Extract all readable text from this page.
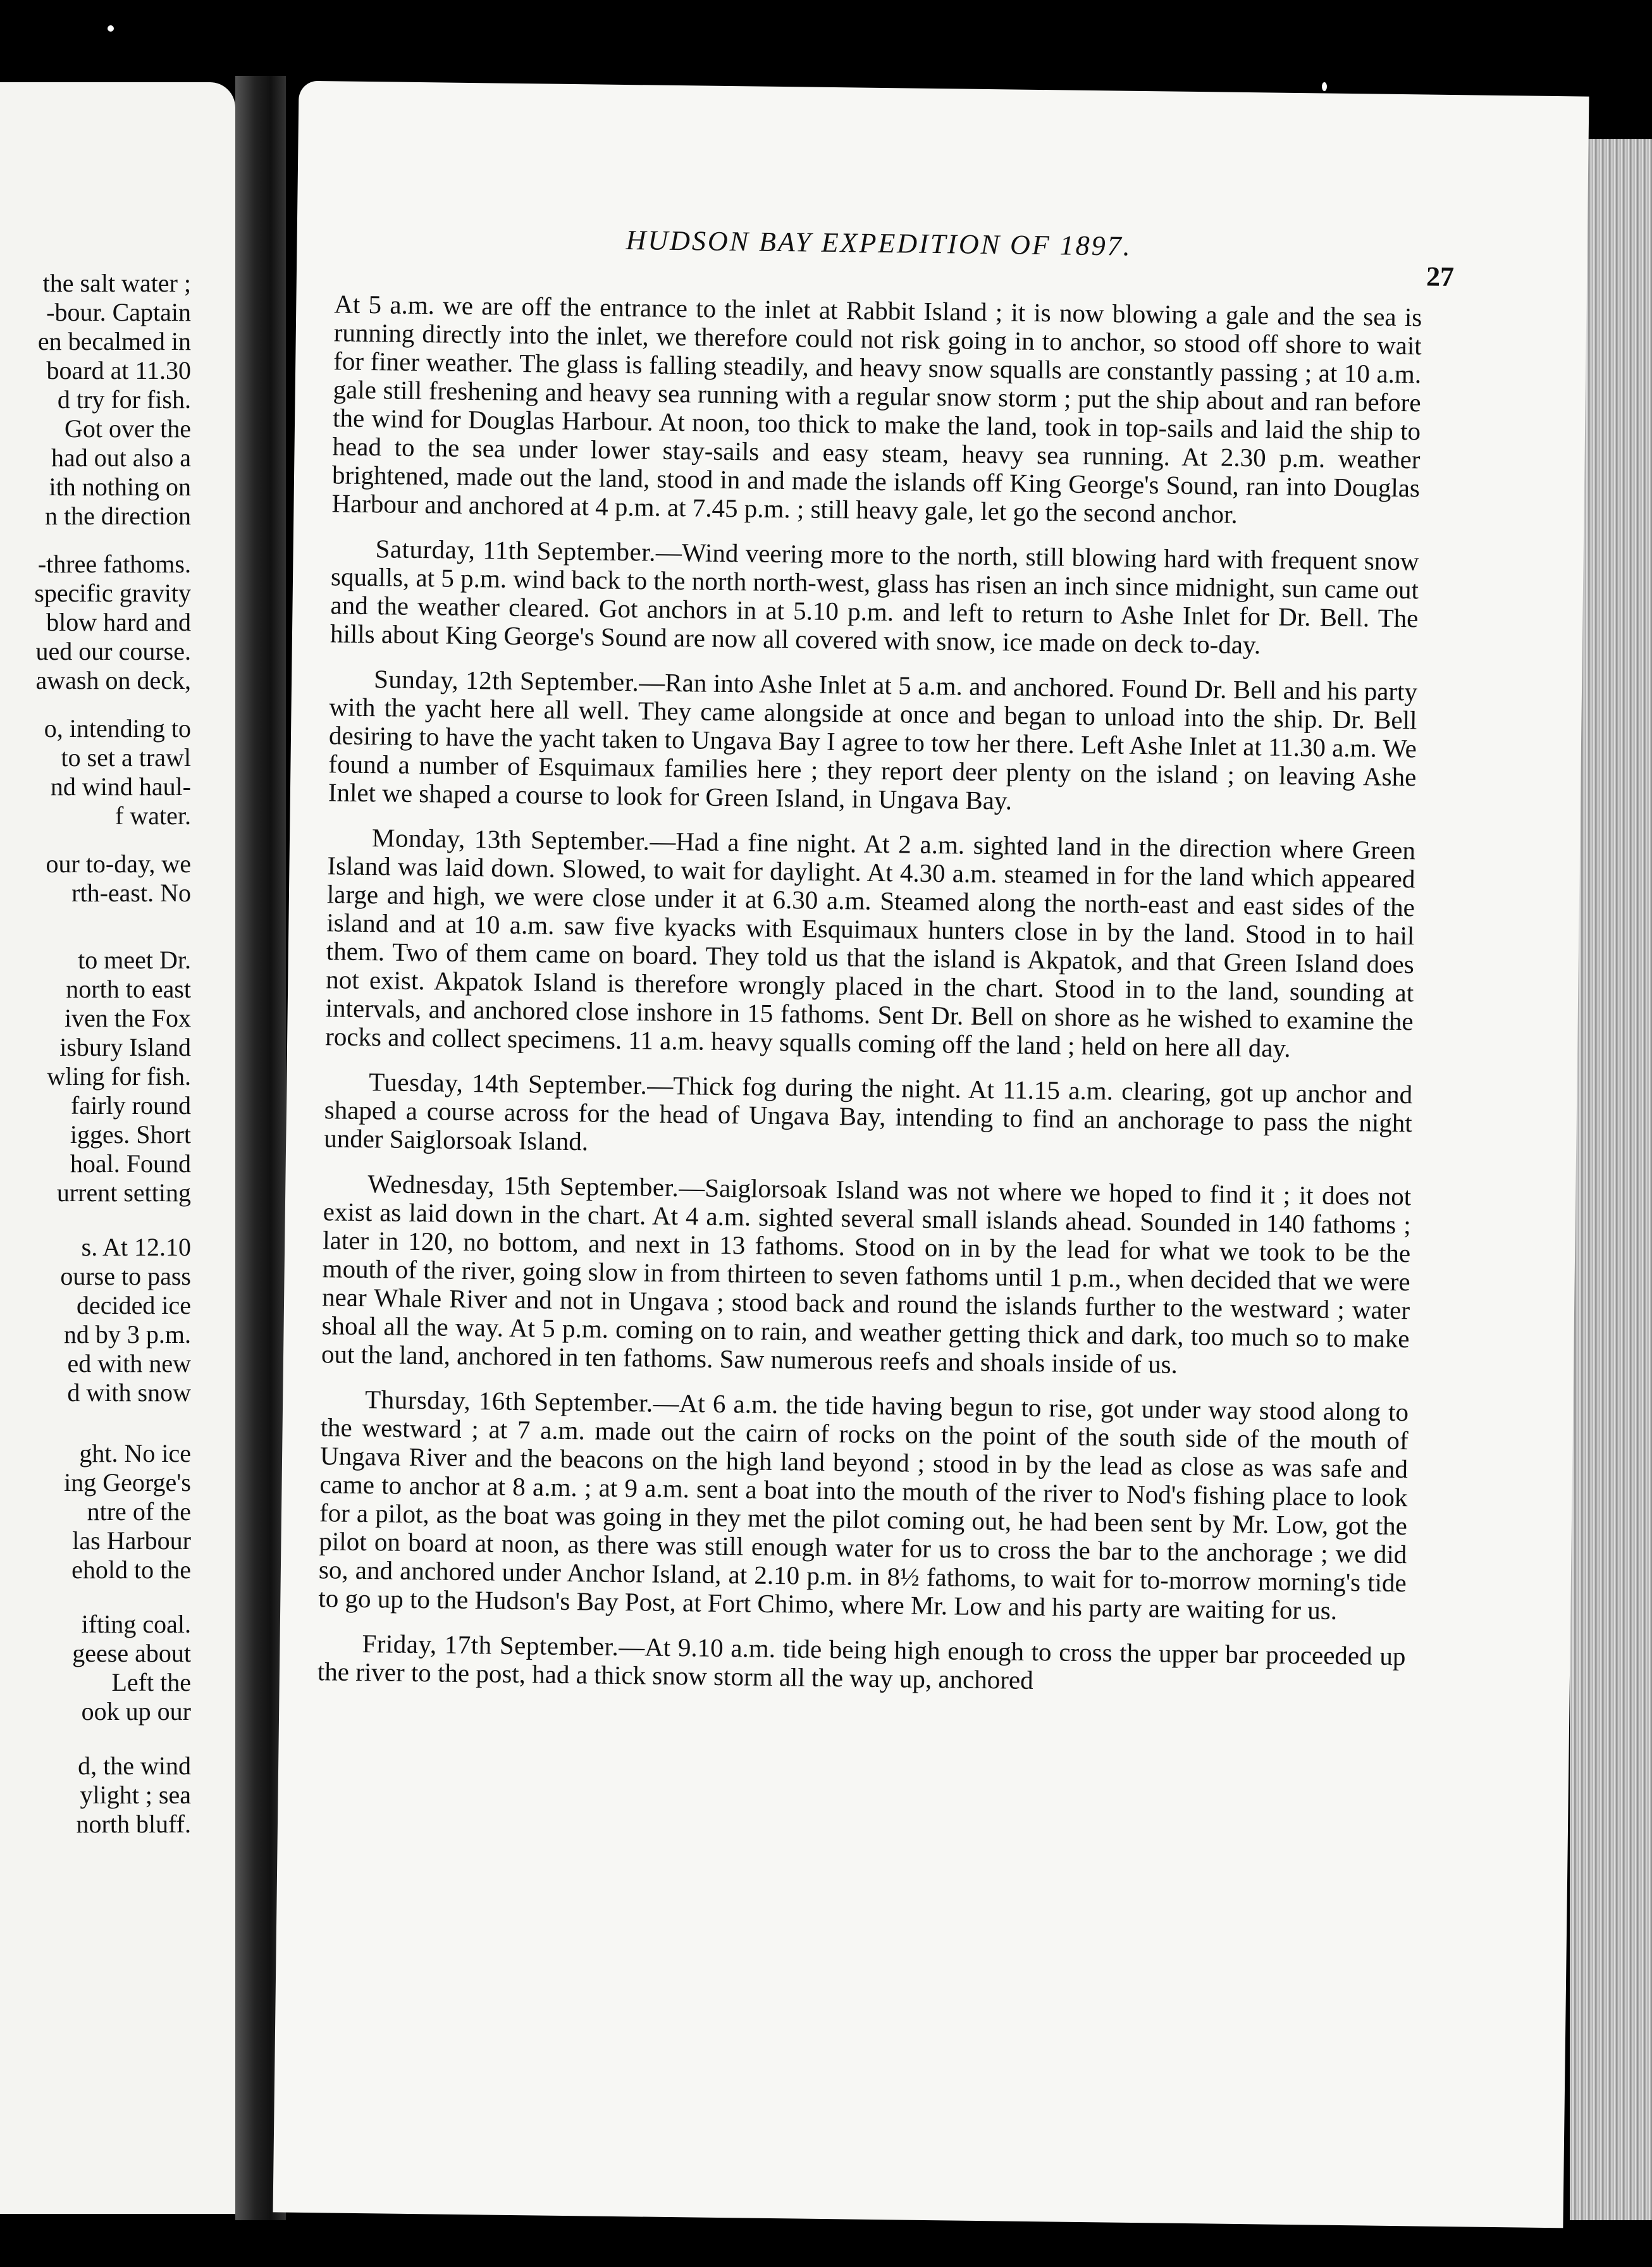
the salt water ;
-bour. Captain
en becalmed in
board at 11.30
d try for fish.
Got over the
had out also a
ith nothing on
n the direction
-three fathoms.
specific gravity
blow hard and
ued our course.
awash on deck,
o, intending to
to set a trawl
nd wind haul-
f water.
our to-day, we
rth-east. No
to meet Dr.
north to east
iven the Fox
isbury Island
wling for fish.
fairly round
igges. Short
hoal. Found
urrent setting
s. At 12.10
ourse to pass
decided ice
nd by 3 p.m.
ed with new
d with snow
ght. No ice
ing George's
ntre of the
las Harbour
ehold to the
ifting coal.
geese about
Left the
ook up our
d, the wind
ylight ; sea
north bluff.
HUDSON BAY EXPEDITION OF 1897.
27

At 5 a.m. we are off the entrance to the inlet at Rabbit Island ; it is now blowing a gale and the sea is running directly into the inlet, we therefore could not risk going in to anchor, so stood off shore to wait for finer weather. The glass is falling steadily, and heavy snow squalls are constantly passing ; at 10 a.m. gale still freshening and heavy sea running with a regular snow storm ; put the ship about and ran before the wind for Douglas Harbour. At noon, too thick to make the land, took in top-sails and laid the ship to head to the sea under lower stay-sails and easy steam, heavy sea running. At 2.30 p.m. weather brightened, made out the land, stood in and made the islands off King George's Sound, ran into Douglas Harbour and anchored at 4 p.m. at 7.45 p.m. ; still heavy gale, let go the second anchor.

Saturday, 11th September.—Wind veering more to the north, still blowing hard with frequent snow squalls, at 5 p.m. wind back to the north north-west, glass has risen an inch since midnight, sun came out and the weather cleared. Got anchors in at 5.10 p.m. and left to return to Ashe Inlet for Dr. Bell. The hills about King George's Sound are now all covered with snow, ice made on deck to-day.

Sunday, 12th September.—Ran into Ashe Inlet at 5 a.m. and anchored. Found Dr. Bell and his party with the yacht here all well. They came alongside at once and began to unload into the ship. Dr. Bell desiring to have the yacht taken to Ungava Bay I agree to tow her there. Left Ashe Inlet at 11.30 a.m. We found a number of Esquimaux families here ; they report deer plenty on the island ; on leaving Ashe Inlet we shaped a course to look for Green Island, in Ungava Bay.

Monday, 13th September.—Had a fine night. At 2 a.m. sighted land in the direction where Green Island was laid down. Slowed, to wait for daylight. At 4.30 a.m. steamed in for the land which appeared large and high, we were close under it at 6.30 a.m. Steamed along the north-east and east sides of the island and at 10 a.m. saw five kyacks with Esquimaux hunters close in by the land. Stood in to hail them. Two of them came on board. They told us that the island is Akpatok, and that Green Island does not exist. Akpatok Island is therefore wrongly placed in the chart. Stood in to the land, sounding at intervals, and anchored close inshore in 15 fathoms. Sent Dr. Bell on shore as he wished to examine the rocks and collect specimens. 11 a.m. heavy squalls coming off the land ; held on here all day.

Tuesday, 14th September.—Thick fog during the night. At 11.15 a.m. clearing, got up anchor and shaped a course across for the head of Ungava Bay, intending to find an anchorage to pass the night under Saiglorsoak Island.

Wednesday, 15th September.—Saiglorsoak Island was not where we hoped to find it ; it does not exist as laid down in the chart. At 4 a.m. sighted several small islands ahead. Sounded in 140 fathoms ; later in 120, no bottom, and next in 13 fathoms. Stood on in by the lead for what we took to be the mouth of the river, going slow in from thirteen to seven fathoms until 1 p.m., when decided that we were near Whale River and not in Ungava ; stood back and round the islands further to the westward ; water shoal all the way. At 5 p.m. coming on to rain, and weather getting thick and dark, too much so to make out the land, anchored in ten fathoms. Saw numerous reefs and shoals inside of us.

Thursday, 16th September.—At 6 a.m. the tide having begun to rise, got under way stood along to the westward ; at 7 a.m. made out the cairn of rocks on the point of the south side of the mouth of Ungava River and the beacons on the high land beyond ; stood in by the lead as close as was safe and came to anchor at 8 a.m. ; at 9 a.m. sent a boat into the mouth of the river to Nod's fishing place to look for a pilot, as the boat was going in they met the pilot coming out, he had been sent by Mr. Low, got the pilot on board at noon, as there was still enough water for us to cross the bar to the anchorage ; we did so, and anchored under Anchor Island, at 2.10 p.m. in 8½ fathoms, to wait for to-morrow morning's tide to go up to the Hudson's Bay Post, at Fort Chimo, where Mr. Low and his party are waiting for us.

Friday, 17th September.—At 9.10 a.m. tide being high enough to cross the upper bar proceeded up the river to the post, had a thick snow storm all the way up, anchored
